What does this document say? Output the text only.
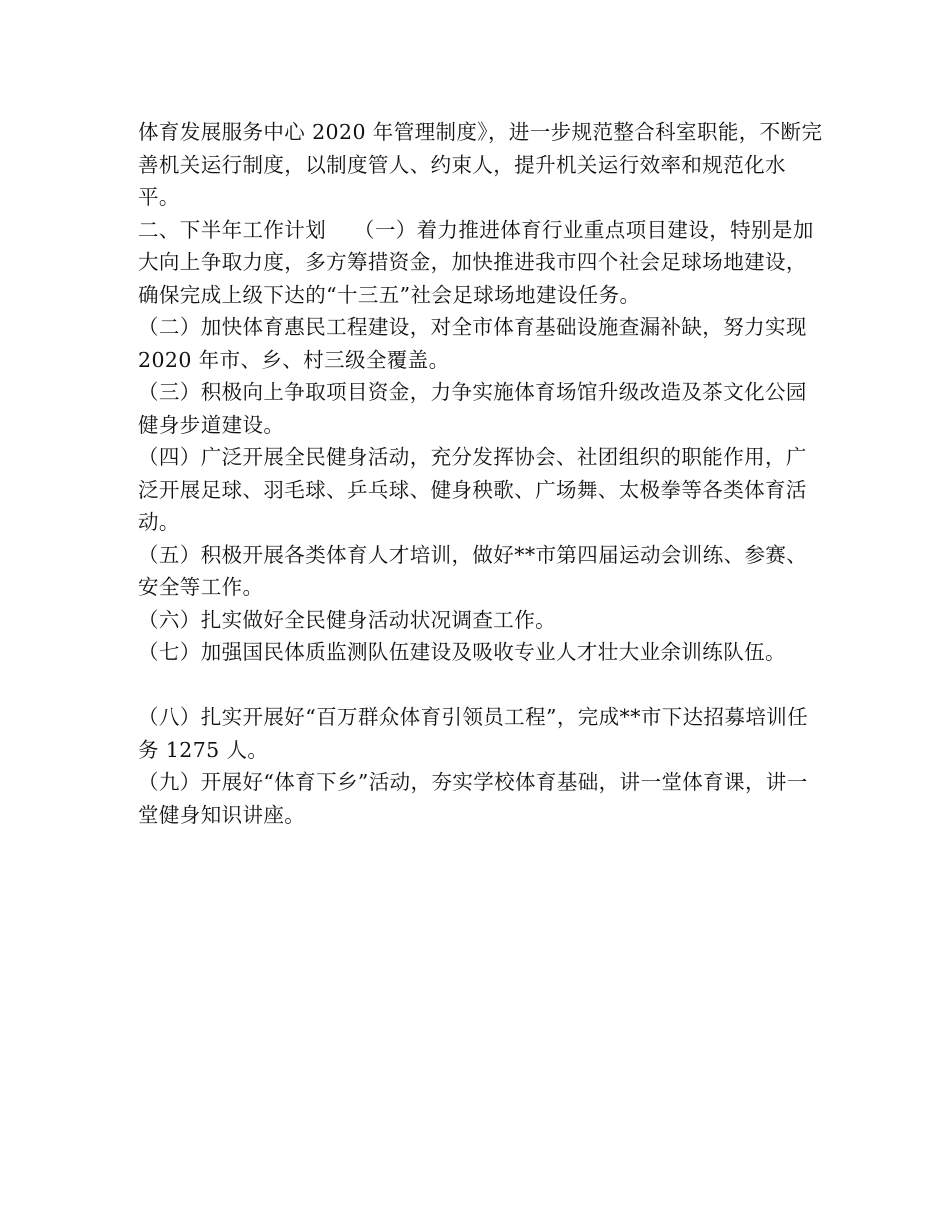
体育发展服务中心 2020 年管理制度》，进一步规范整合科室职能，不断完善机关运行制度，以制度管人、约束人，提升机关运行效率和规范化水平。

二、下半年工作计划　 （一）着力推进体育行业重点项目建设，特别是加大向上争取力度，多方筹措资金，加快推进我市四个社会足球场地建设，确保完成上级下达的“十三五”社会足球场地建设任务。

（二）加快体育惠民工程建设，对全市体育基础设施查漏补缺，努力实现 2020 年市、乡、村三级全覆盖。

（三）积极向上争取项目资金，力争实施体育场馆升级改造及茶文化公园健身步道建设。

（四）广泛开展全民健身活动，充分发挥协会、社团组织的职能作用，广泛开展足球、羽毛球、乒乓球、健身秧歌、广场舞、太极拳等各类体育活动。

（五）积极开展各类体育人才培训，做好**市第四届运动会训练、参赛、安全等工作。

（六）扎实做好全民健身活动状况调查工作。

（七）加强国民体质监测队伍建设及吸收专业人才壮大业余训练队伍。

（八）扎实开展好“百万群众体育引领员工程”，完成**市下达招募培训任务 1275 人。

（九）开展好“体育下乡”活动，夯实学校体育基础，讲一堂体育课，讲一堂健身知识讲座。
